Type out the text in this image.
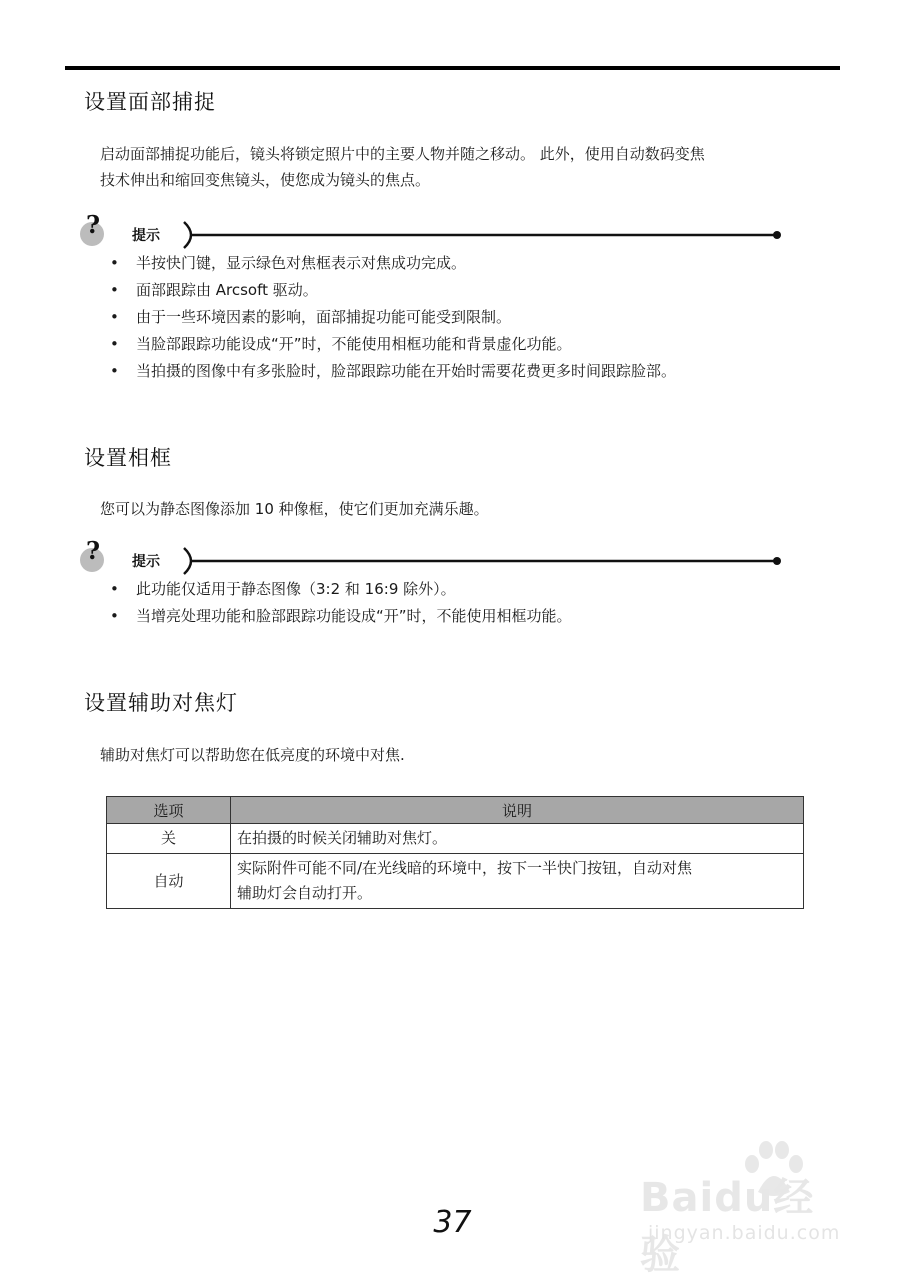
设置面部捕捉

启动面部捕捉功能后，镜头将锁定照片中的主要人物并随之移动。 此外，使用自动数码变焦
技术伸出和缩回变焦镜头，使您成为镜头的焦点。

? 提示
• 半按快门键，显示绿色对焦框表示对焦成功完成。
• 面部跟踪由 Arcsoft 驱动。
• 由于一些环境因素的影响，面部捕捉功能可能受到限制。
• 当脸部跟踪功能设成“开”时，不能使用相框功能和背景虚化功能。
• 当拍摄的图像中有多张脸时，脸部跟踪功能在开始时需要花费更多时间跟踪脸部。
设置相框

您可以为静态图像添加 10 种像框，使它们更加充满乐趣。

? 提示
• 此功能仅适用于静态图像（3:2 和 16:9 除外）。
• 当增亮处理功能和脸部跟踪功能设成“开”时，不能使用相框功能。
设置辅助对焦灯

辅助对焦灯可以帮助您在低亮度的环境中对焦.

选项	说明
关	在拍摄的时候关闭辅助对焦灯。
自动	实际附件可能不同/在光线暗的环境中，按下一半快门按钮，自动对焦
辅助灯会自动打开。
Baidu经验
jingyan.baidu.com
37
